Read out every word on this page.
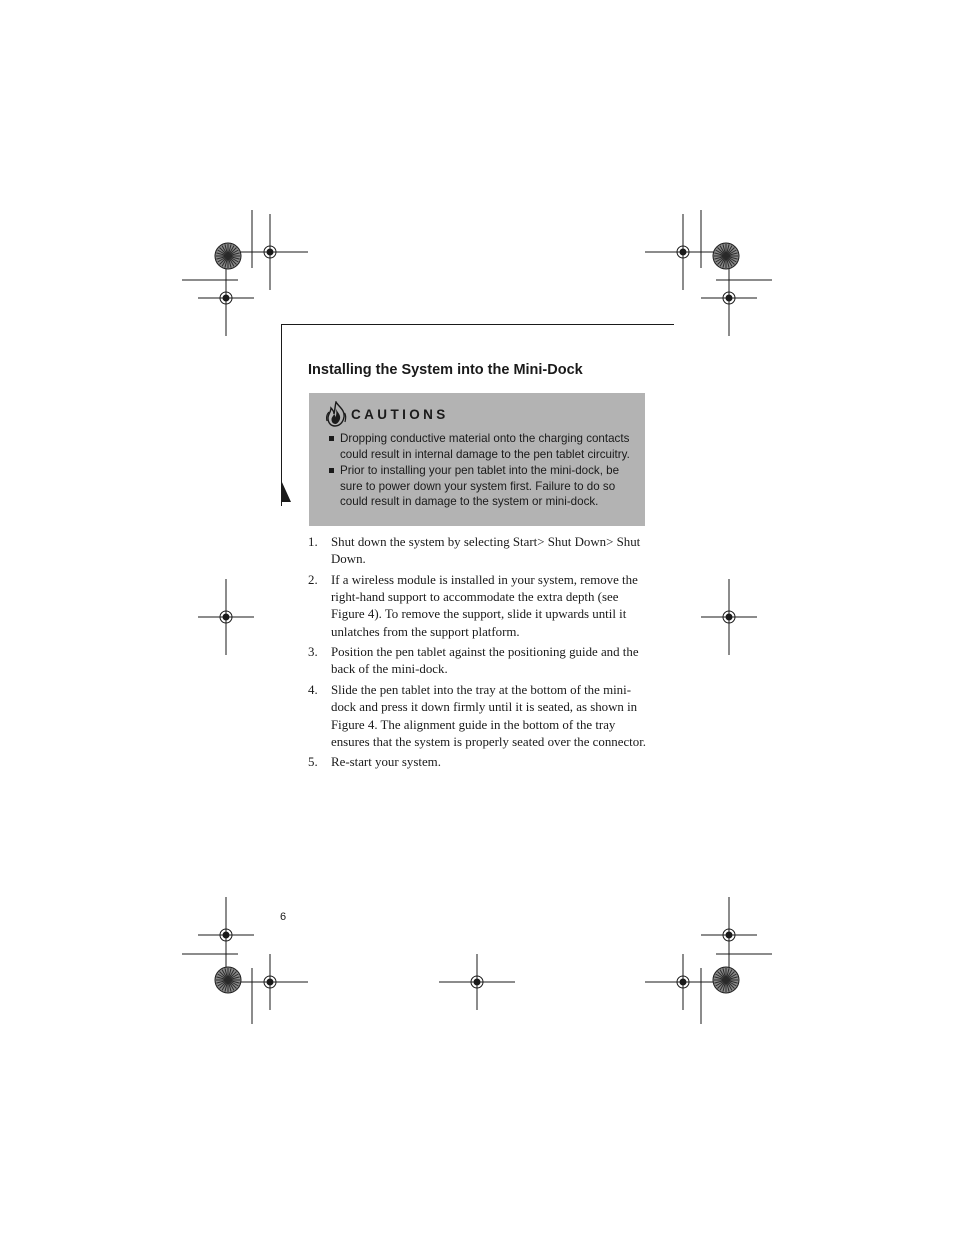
Installing the System into the Mini-Dock
CAUTIONS
Dropping conductive material onto the charging contacts could result in internal damage to the pen tablet circuitry.
Prior to installing your pen tablet into the mini-dock, be sure to power down your system first. Failure to do so could result in damage to the system or mini-dock.
1. Shut down the system by selecting Start> Shut Down> Shut Down.
2. If a wireless module is installed in your system, remove the right-hand support to accommodate the extra depth (see Figure 4). To remove the support, slide it upwards until it unlatches from the support platform.
3. Position the pen tablet against the positioning guide and the back of the mini-dock.
4. Slide the pen tablet into the tray at the bottom of the mini-dock and press it down firmly until it is seated, as shown in Figure 4. The alignment guide in the bottom of the tray ensures that the system is properly seated over the connector.
5. Re-start your system.
6
